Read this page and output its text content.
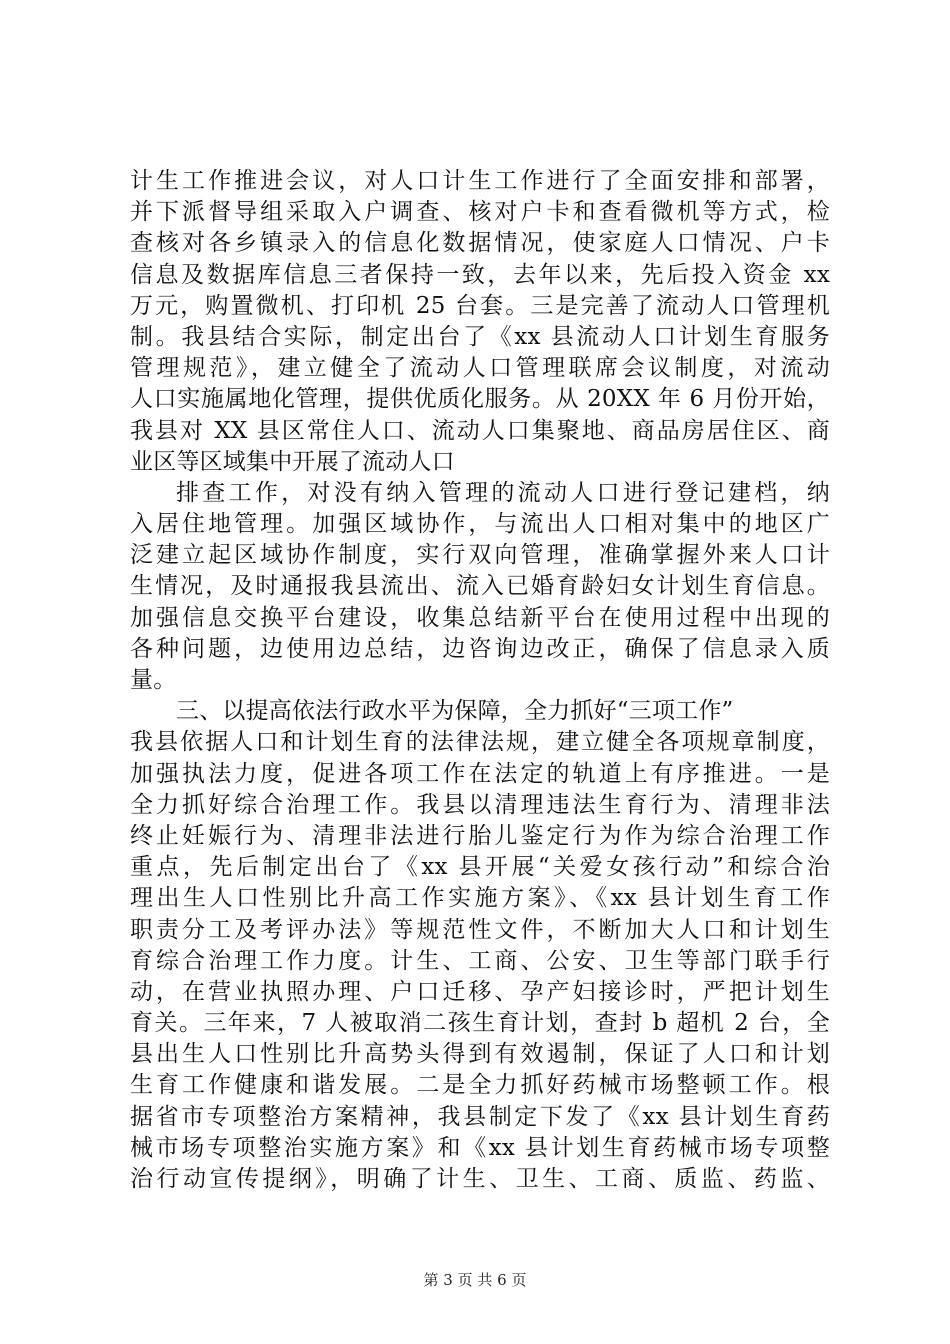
计生工作推进会议，对人口计生工作进行了全面安排和部署，
并下派督导组采取入户调查、核对户卡和查看微机等方式，检
查核对各乡镇录入的信息化数据情况，使家庭人口情况、户卡
信息及数据库信息三者保持一致，去年以来，先后投入资金 xx
万元，购置微机、打印机 25 台套。三是完善了流动人口管理机
制。我县结合实际，制定出台了《xx 县流动人口计划生育服务
管理规范》，建立健全了流动人口管理联席会议制度，对流动
人口实施属地化管理，提供优质化服务。从 20XX 年 6 月份开始，
我县对 XX 县区常住人口、流动人口集聚地、商品房居住区、商
业区等区域集中开展了流动人口
排查工作，对没有纳入管理的流动人口进行登记建档，纳
入居住地管理。加强区域协作，与流出人口相对集中的地区广
泛建立起区域协作制度，实行双向管理，准确掌握外来人口计
生情况，及时通报我县流出、流入已婚育龄妇女计划生育信息。
加强信息交换平台建设，收集总结新平台在使用过程中出现的
各种问题，边使用边总结，边咨询边改正，确保了信息录入质
量。
三、以提高依法行政水平为保障，全力抓好“三项工作”
我县依据人口和计划生育的法律法规，建立健全各项规章制度，
加强执法力度，促进各项工作在法定的轨道上有序推进。一是
全力抓好综合治理工作。我县以清理违法生育行为、清理非法
终止妊娠行为、清理非法进行胎儿鉴定行为作为综合治理工作
重点，先后制定出台了《xx 县开展“关爱女孩行动”和综合治
理出生人口性别比升高工作实施方案》、《xx 县计划生育工作
职责分工及考评办法》等规范性文件，不断加大人口和计划生
育综合治理工作力度。计生、工商、公安、卫生等部门联手行
动，在营业执照办理、户口迁移、孕产妇接诊时，严把计划生
育关。三年来，7 人被取消二孩生育计划，查封 b 超机 2 台，全
县出生人口性别比升高势头得到有效遏制，保证了人口和计划
生育工作健康和谐发展。二是全力抓好药械市场整顿工作。根
据省市专项整治方案精神，我县制定下发了《xx 县计划生育药
械市场专项整治实施方案》和《xx 县计划生育药械市场专项整
治行动宣传提纲》，明确了计生、卫生、工商、质监、药监、
第 3 页 共 6 页
